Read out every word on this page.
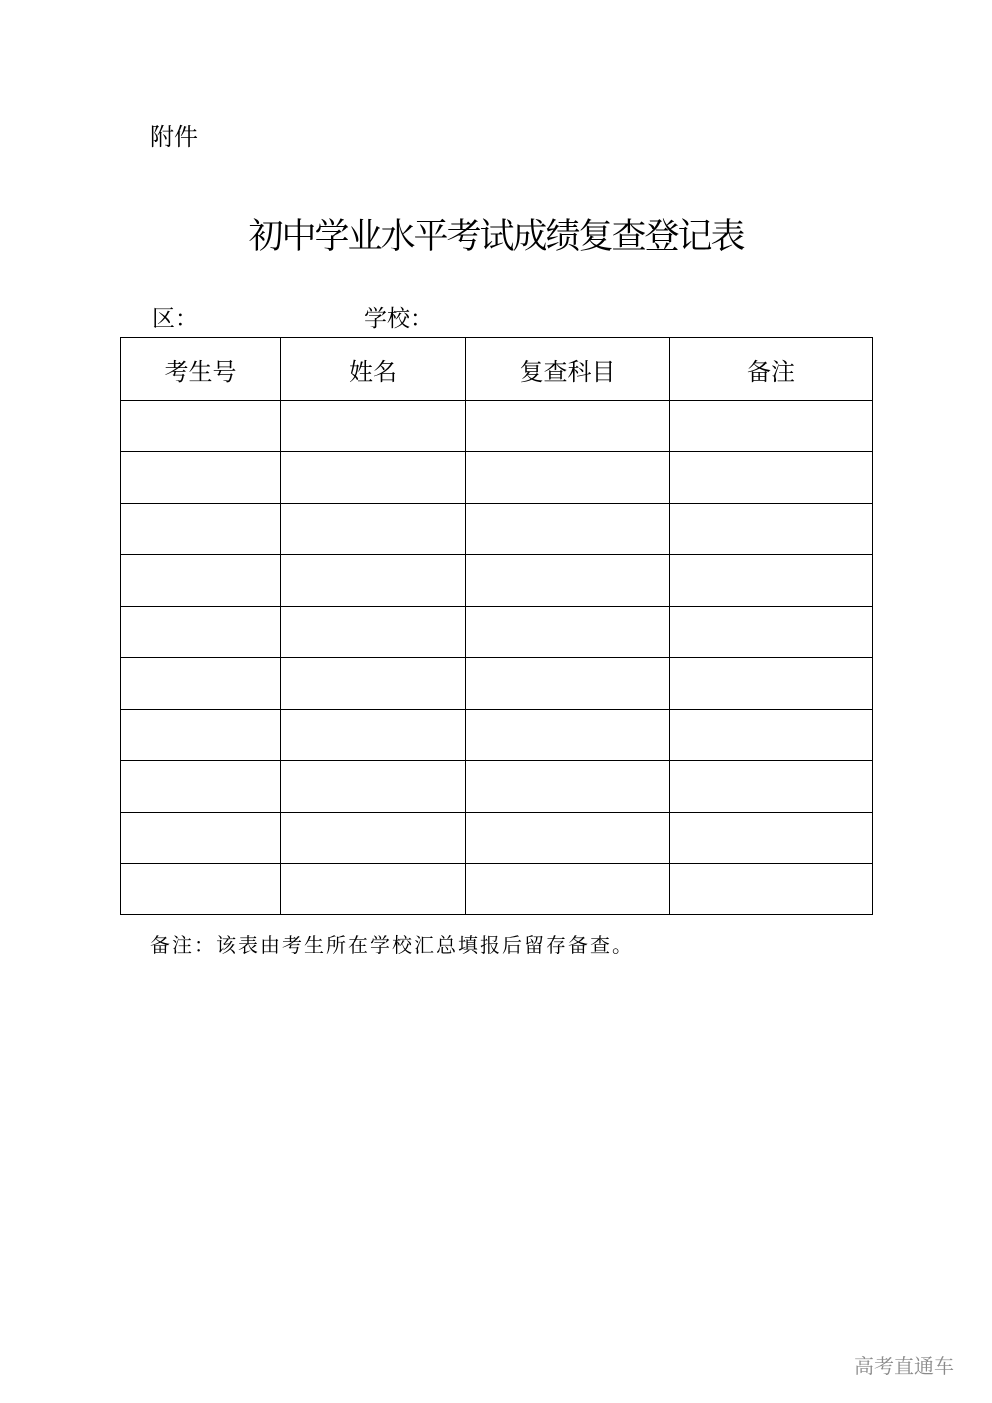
附件
初中学业水平考试成绩复查登记表
区：	学校：
考生号	姓名	复查科目	备注

备注：该表由考生所在学校汇总填报后留存备查。
高考直通车
